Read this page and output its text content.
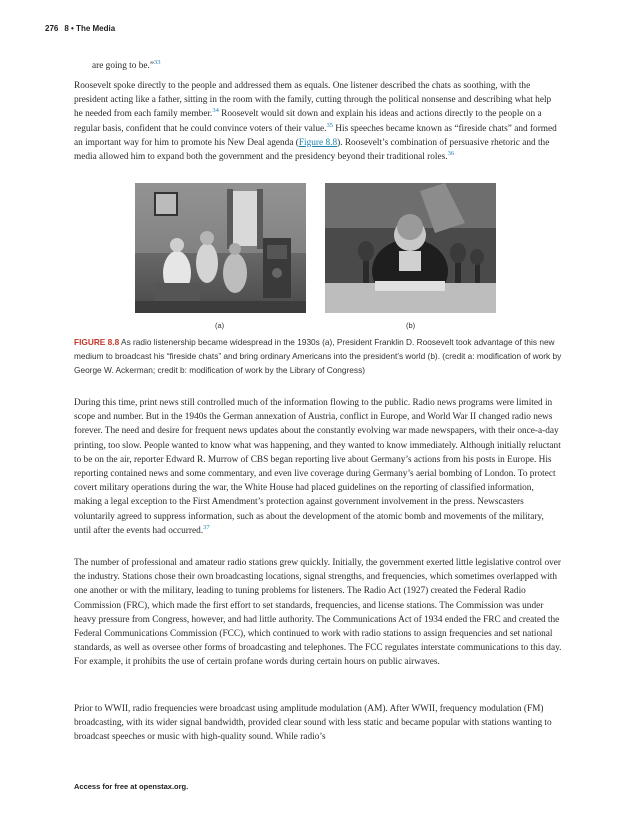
276 8 • The Media
are going to be.”$^{33}$
Roosevelt spoke directly to the people and addressed them as equals. One listener described the chats as soothing, with the president acting like a father, sitting in the room with the family, cutting through the political nonsense and describing what help he needed from each family member.$^{34}$ Roosevelt would sit down and explain his ideas and actions directly to the people on a regular basis, confident that he could convince voters of their value.$^{35}$ His speeches became known as “fireside chats” and formed an important way for him to promote his New Deal agenda (Figure 8.8). Roosevelt’s combination of persuasive rhetoric and the media allowed him to expand both the government and the presidency beyond their traditional roles.$^{36}$
(a)	(b)
FIGURE 8.8 As radio listenership became widespread in the 1930s (a), President Franklin D. Roosevelt took advantage of this new medium to broadcast his “fireside chats” and bring ordinary Americans into the president’s world (b). (credit a: modification of work by George W. Ackerman; credit b: modification of work by the Library of Congress)
During this time, print news still controlled much of the information flowing to the public. Radio news programs were limited in scope and number. But in the 1940s the German annexation of Austria, conflict in Europe, and World War II changed radio news forever. The need and desire for frequent news updates about the constantly evolving war made newspapers, with their once-a-day printing, too slow. People wanted to know what was happening, and they wanted to know immediately. Although initially reluctant to be on the air, reporter Edward R. Murrow of CBS began reporting live about Germany’s actions from his posts in Europe. His reporting contained news and some commentary, and even live coverage during Germany’s aerial bombing of London. To protect covert military operations during the war, the White House had placed guidelines on the reporting of classified information, making a legal exception to the First Amendment’s protection against government involvement in the press. Newscasters voluntarily agreed to suppress information, such as about the development of the atomic bomb and movements of the military, until after the events had occurred.$^{37}$
The number of professional and amateur radio stations grew quickly. Initially, the government exerted little legislative control over the industry. Stations chose their own broadcasting locations, signal strengths, and frequencies, which sometimes overlapped with one another or with the military, leading to tuning problems for listeners. The Radio Act (1927) created the Federal Radio Commission (FRC), which made the first effort to set standards, frequencies, and license stations. The Commission was under heavy pressure from Congress, however, and had little authority. The Communications Act of 1934 ended the FRC and created the Federal Communications Commission (FCC), which continued to work with radio stations to assign frequencies and set national standards, as well as oversee other forms of broadcasting and telephones. The FCC regulates interstate communications to this day. For example, it prohibits the use of certain profane words during certain hours on public airwaves.
Prior to WWII, radio frequencies were broadcast using amplitude modulation (AM). After WWII, frequency modulation (FM) broadcasting, with its wider signal bandwidth, provided clear sound with less static and became popular with stations wanting to broadcast speeches or music with high-quality sound. While radio’s
Access for free at openstax.org.
